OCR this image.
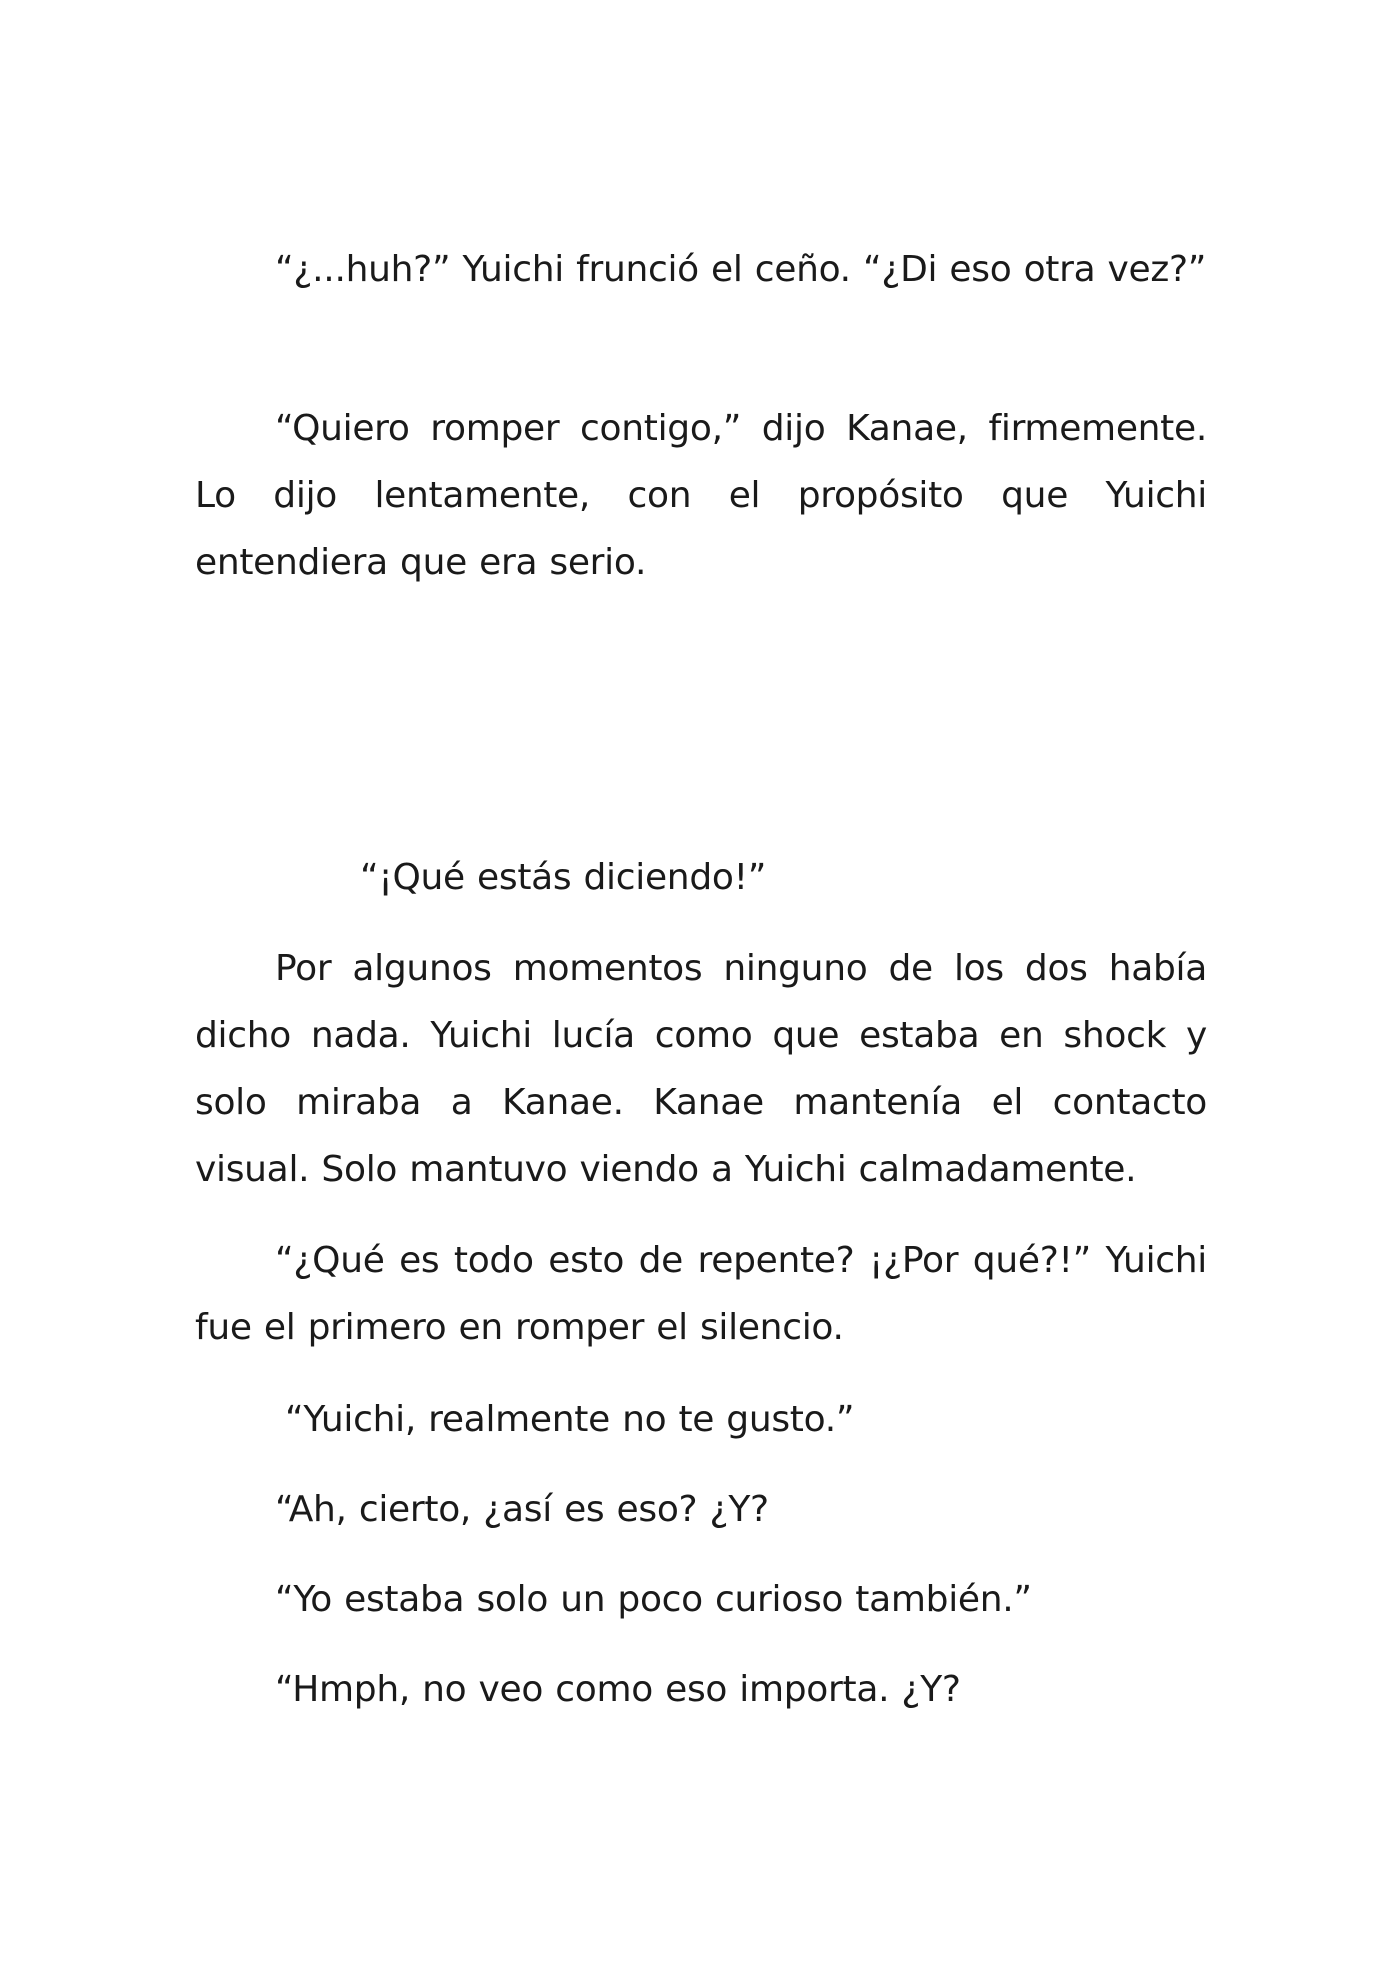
“¿...huh?” Yuichi frunció el ceño. “¿Di eso otra vez?”

“Quiero romper contigo,” dijo Kanae, firmemente. Lo dijo lentamente, con el propósito que Yuichi entendiera que era serio.

“¡Qué estás diciendo!”

Por algunos momentos ninguno de los dos había dicho nada. Yuichi lucía como que estaba en shock y solo miraba a Kanae. Kanae mantenía el contacto visual. Solo mantuvo viendo a Yuichi calmadamente.

“¿Qué es todo esto de repente? ¡¿Por qué?!” Yuichi fue el primero en romper el silencio.

“Yuichi, realmente no te gusto.”

“Ah, cierto, ¿así es eso? ¿Y?

“Yo estaba solo un poco curioso también.”

“Hmph, no veo como eso importa. ¿Y?
